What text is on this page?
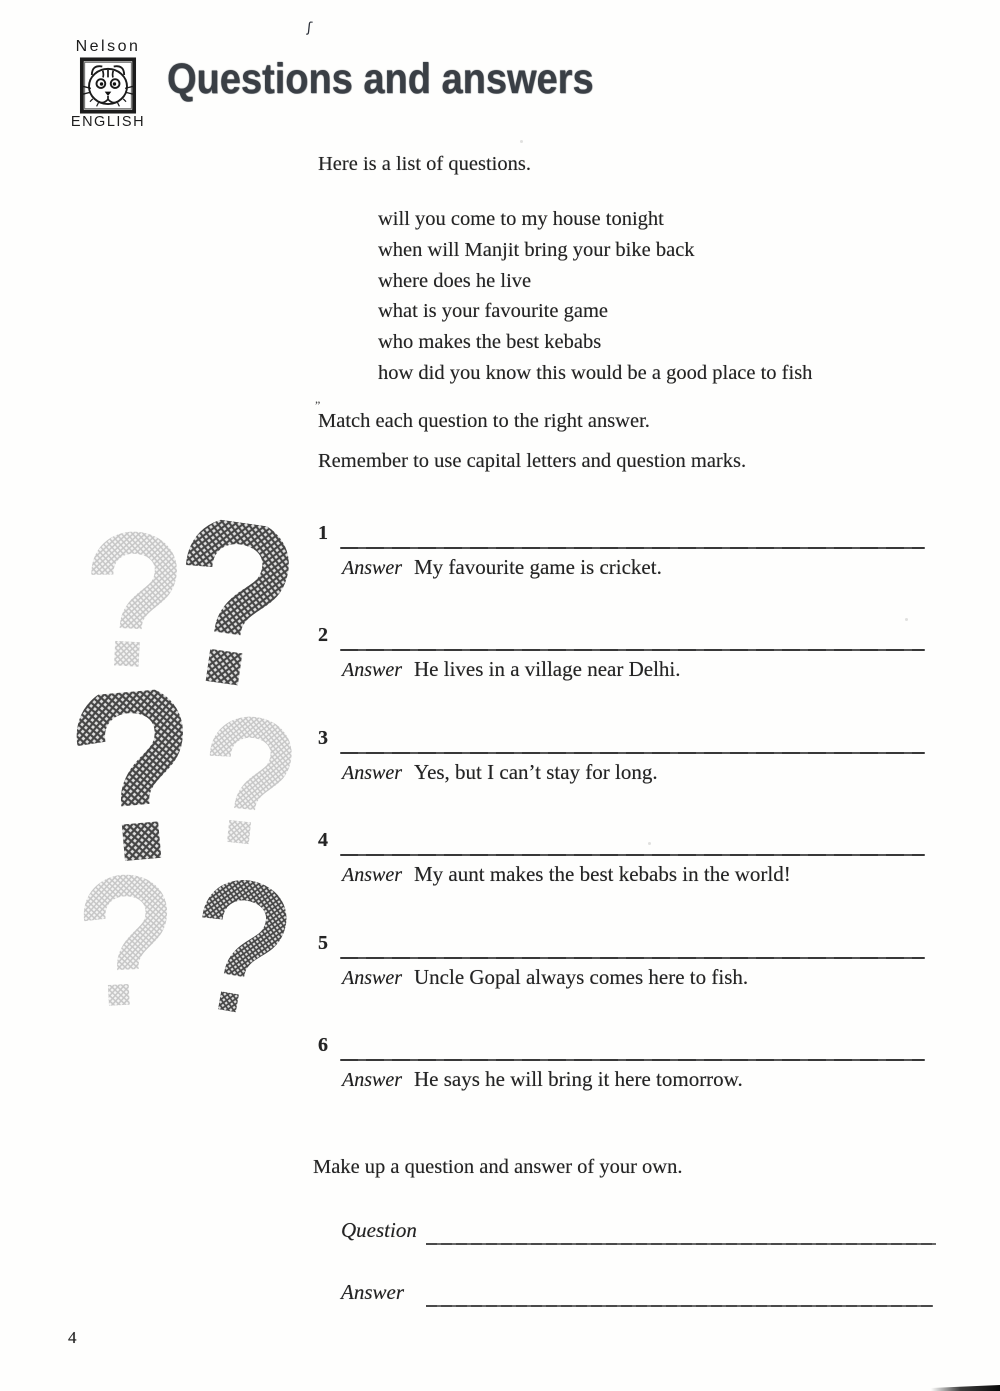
ʃ
”
Nelson
ENGLISH
Questions and answers

Here is a list of questions.

will you come to my house tonight
when will Manjit bring your bike back
where does he live
what is your favourite game
who makes the best kebabs
how did you know this would be a good place to fish

Match each question to the right answer.

Remember to use capital letters and question marks.

1
Answer My favourite game is cricket.
2
Answer He lives in a village near Delhi.
3
Answer Yes, but I can’t stay for long.
4
Answer My aunt makes the best kebabs in the world!
5
Answer Uncle Gopal always comes here to fish.
6
Answer He says he will bring it here tomorrow.

Make up a question and answer of your own.

Question
Answer
4
